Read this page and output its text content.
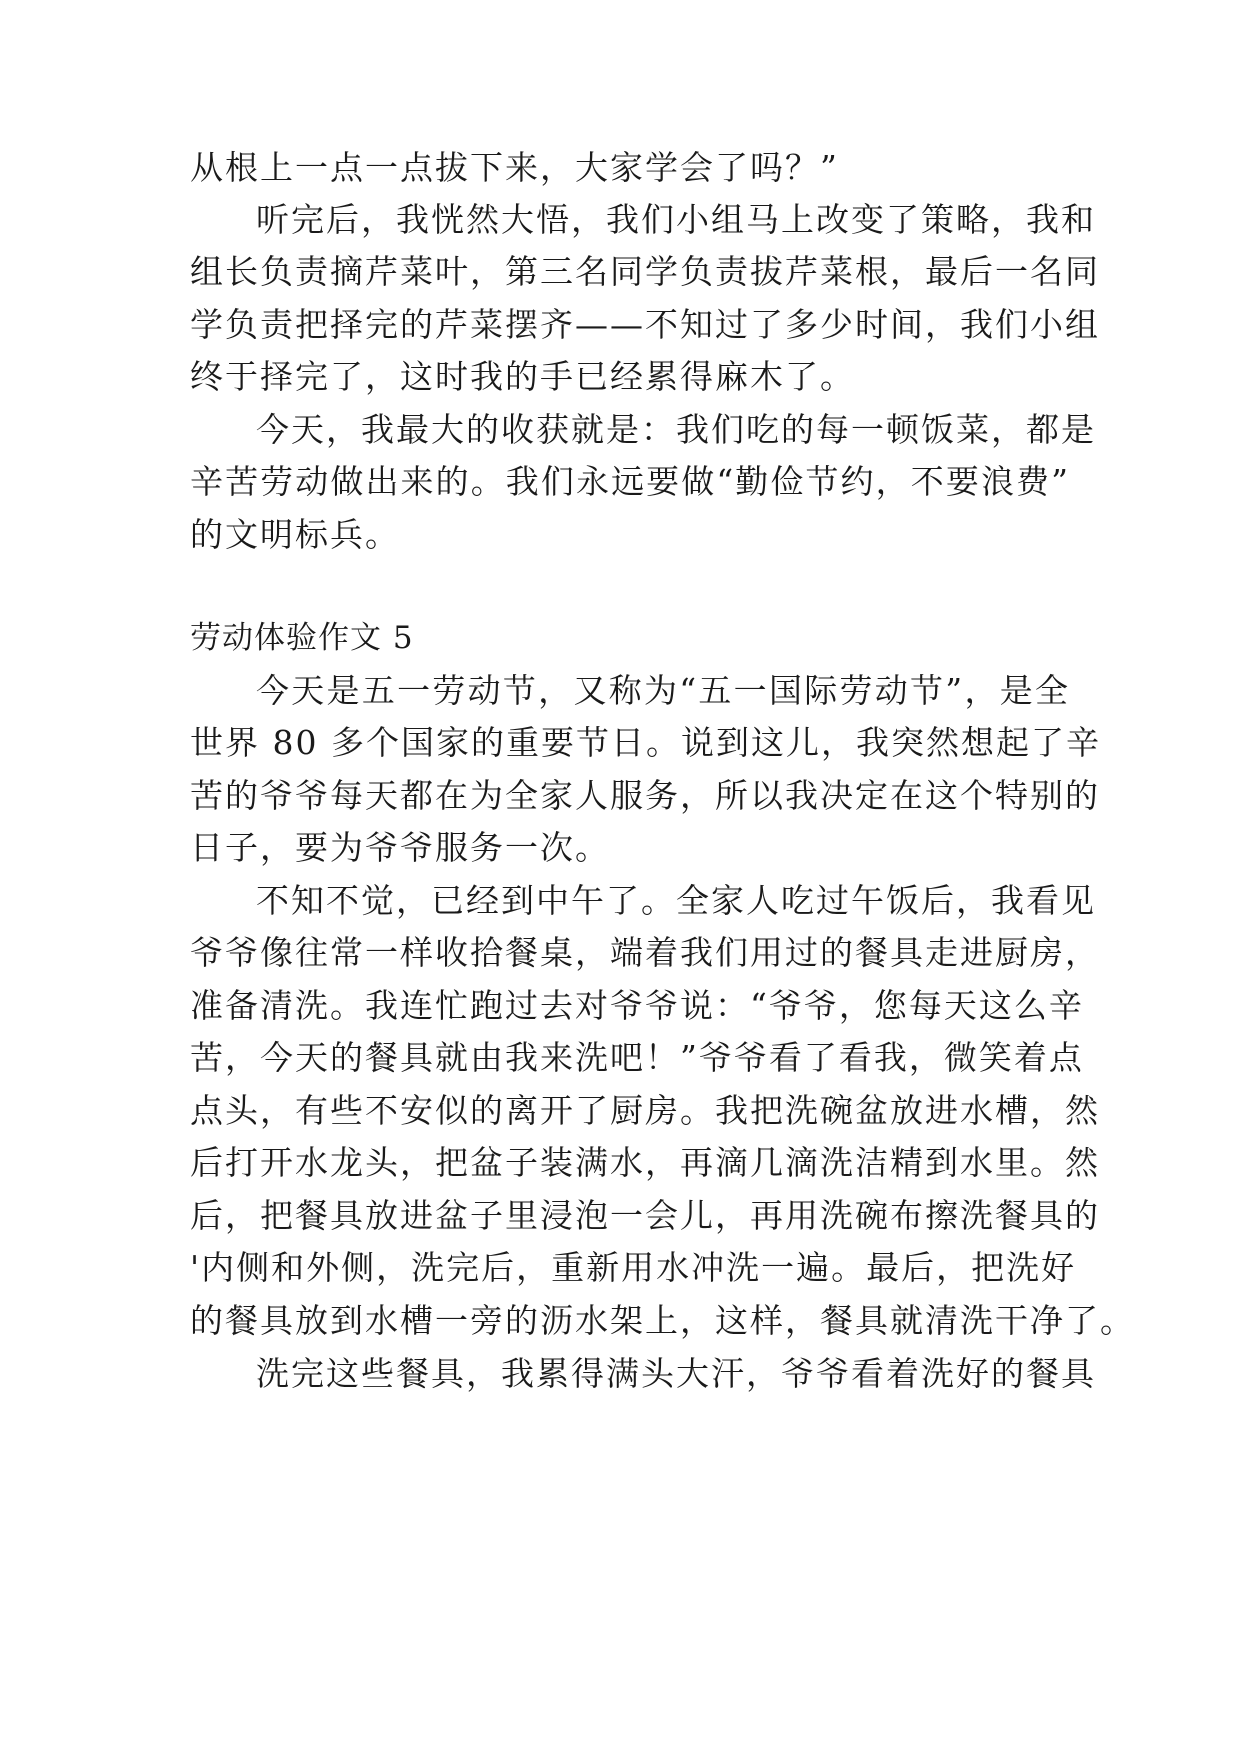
从根上一点一点拔下来，大家学会了吗？”
听完后，我恍然大悟，我们小组马上改变了策略，我和
组长负责摘芹菜叶，第三名同学负责拔芹菜根，最后一名同
学负责把择完的芹菜摆齐——不知过了多少时间，我们小组
终于择完了，这时我的手已经累得麻木了。
今天，我最大的收获就是：我们吃的每一顿饭菜，都是
辛苦劳动做出来的。我们永远要做“勤俭节约，不要浪费”
的文明标兵。
劳动体验作文 5
今天是五一劳动节，又称为“五一国际劳动节”，是全
世界 80 多个国家的重要节日。说到这儿，我突然想起了辛
苦的爷爷每天都在为全家人服务，所以我决定在这个特别的
日子，要为爷爷服务一次。
不知不觉，已经到中午了。全家人吃过午饭后，我看见
爷爷像往常一样收拾餐桌，端着我们用过的餐具走进厨房，
准备清洗。我连忙跑过去对爷爷说：“爷爷，您每天这么辛
苦，今天的餐具就由我来洗吧！”爷爷看了看我，微笑着点
点头，有些不安似的离开了厨房。我把洗碗盆放进水槽，然
后打开水龙头，把盆子装满水，再滴几滴洗洁精到水里。然
后，把餐具放进盆子里浸泡一会儿，再用洗碗布擦洗餐具的
'内侧和外侧，洗完后，重新用水冲洗一遍。最后，把洗好
的餐具放到水槽一旁的沥水架上，这样，餐具就清洗干净了。
洗完这些餐具，我累得满头大汗，爷爷看着洗好的餐具
